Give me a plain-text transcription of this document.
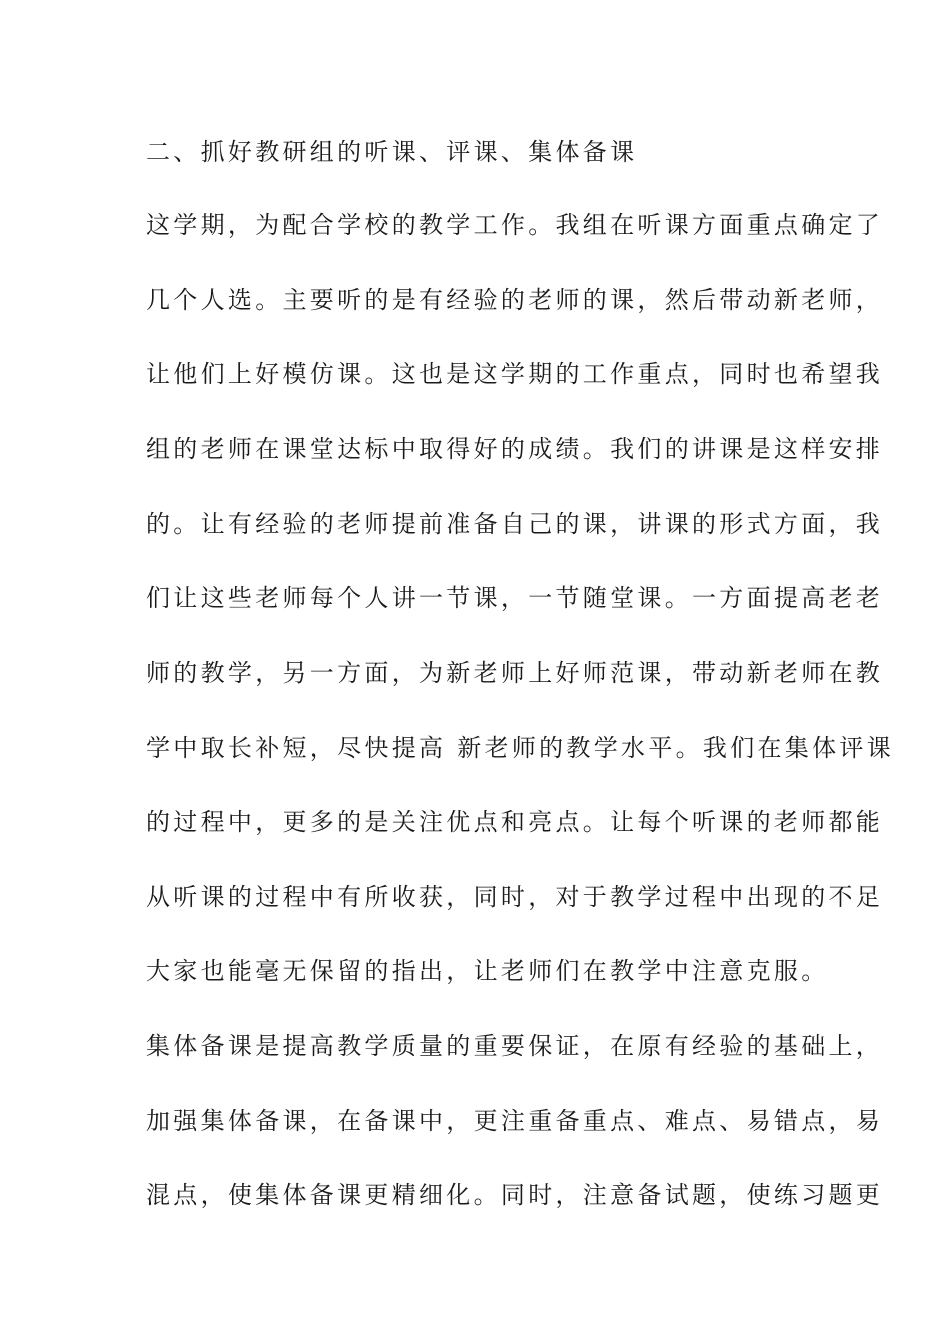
二、抓好教研组的听课、评课、集体备课
这学期，为配合学校的教学工作。我组在听课方面重点确定了
几个人选。主要听的是有经验的老师的课，然后带动新老师，
让他们上好模仿课。这也是这学期的工作重点，同时也希望我
组的老师在课堂达标中取得好的成绩。我们的讲课是这样安排
的。让有经验的老师提前准备自己的课，讲课的形式方面，我
们让这些老师每个人讲一节课，一节随堂课。一方面提高老老
师的教学，另一方面，为新老师上好师范课，带动新老师在教
学中取长补短，尽快提高 新老师的教学水平。我们在集体评课
的过程中，更多的是关注优点和亮点。让每个听课的老师都能
从听课的过程中有所收获，同时，对于教学过程中出现的不足
大家也能毫无保留的指出，让老师们在教学中注意克服。
集体备课是提高教学质量的重要保证，在原有经验的基础上，
加强集体备课，在备课中，更注重备重点、难点、易错点，易
混点，使集体备课更精细化。同时，注意备试题，使练习题更
